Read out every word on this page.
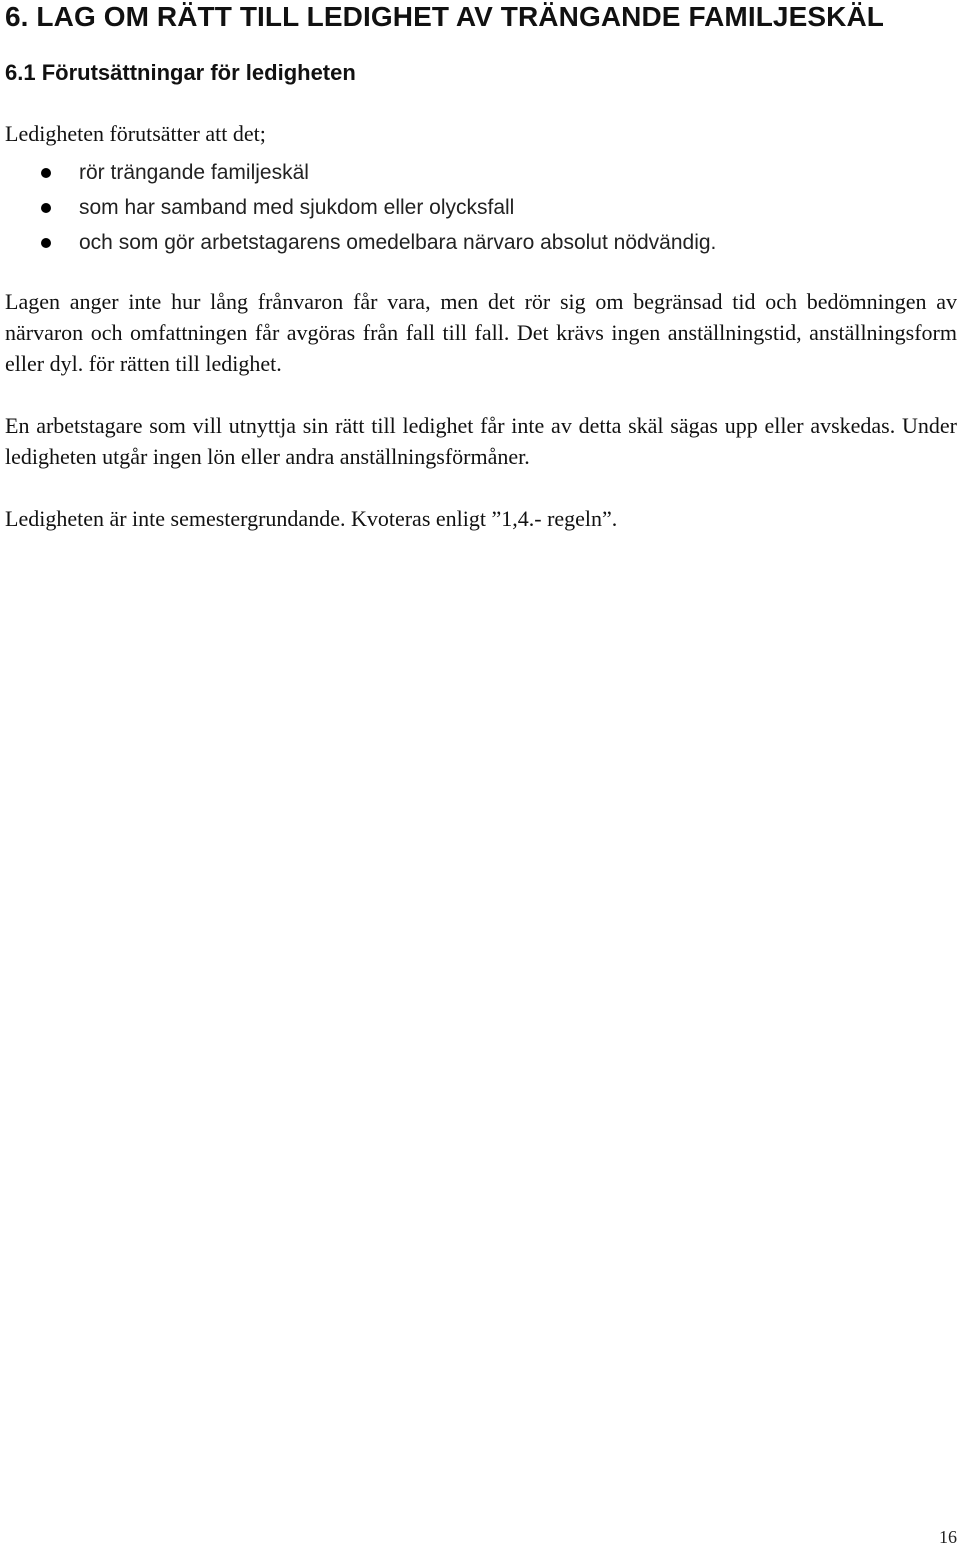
6. LAG OM RÄTT TILL LEDIGHET AV TRÄNGANDE FAMILJESKÄL
6.1 Förutsättningar för ledigheten

Ledigheten förutsätter att det;

rör trängande familjeskäl
som har samband med sjukdom eller olycksfall
och som gör arbetstagarens omedelbara närvaro absolut nödvändig.

Lagen anger inte hur lång frånvaron får vara, men det rör sig om begränsad tid och bedömningen av närvaron och omfattningen får avgöras från fall till fall. Det krävs ingen anställningstid, anställningsform eller dyl. för rätten till ledighet.

En arbetstagare som vill utnyttja sin rätt till ledighet får inte av detta skäl sägas upp eller avskedas. Under ledigheten utgår ingen lön eller andra anställningsförmåner.

Ledigheten är inte semestergrundande. Kvoteras enligt ”1,4.- regeln”.

16
